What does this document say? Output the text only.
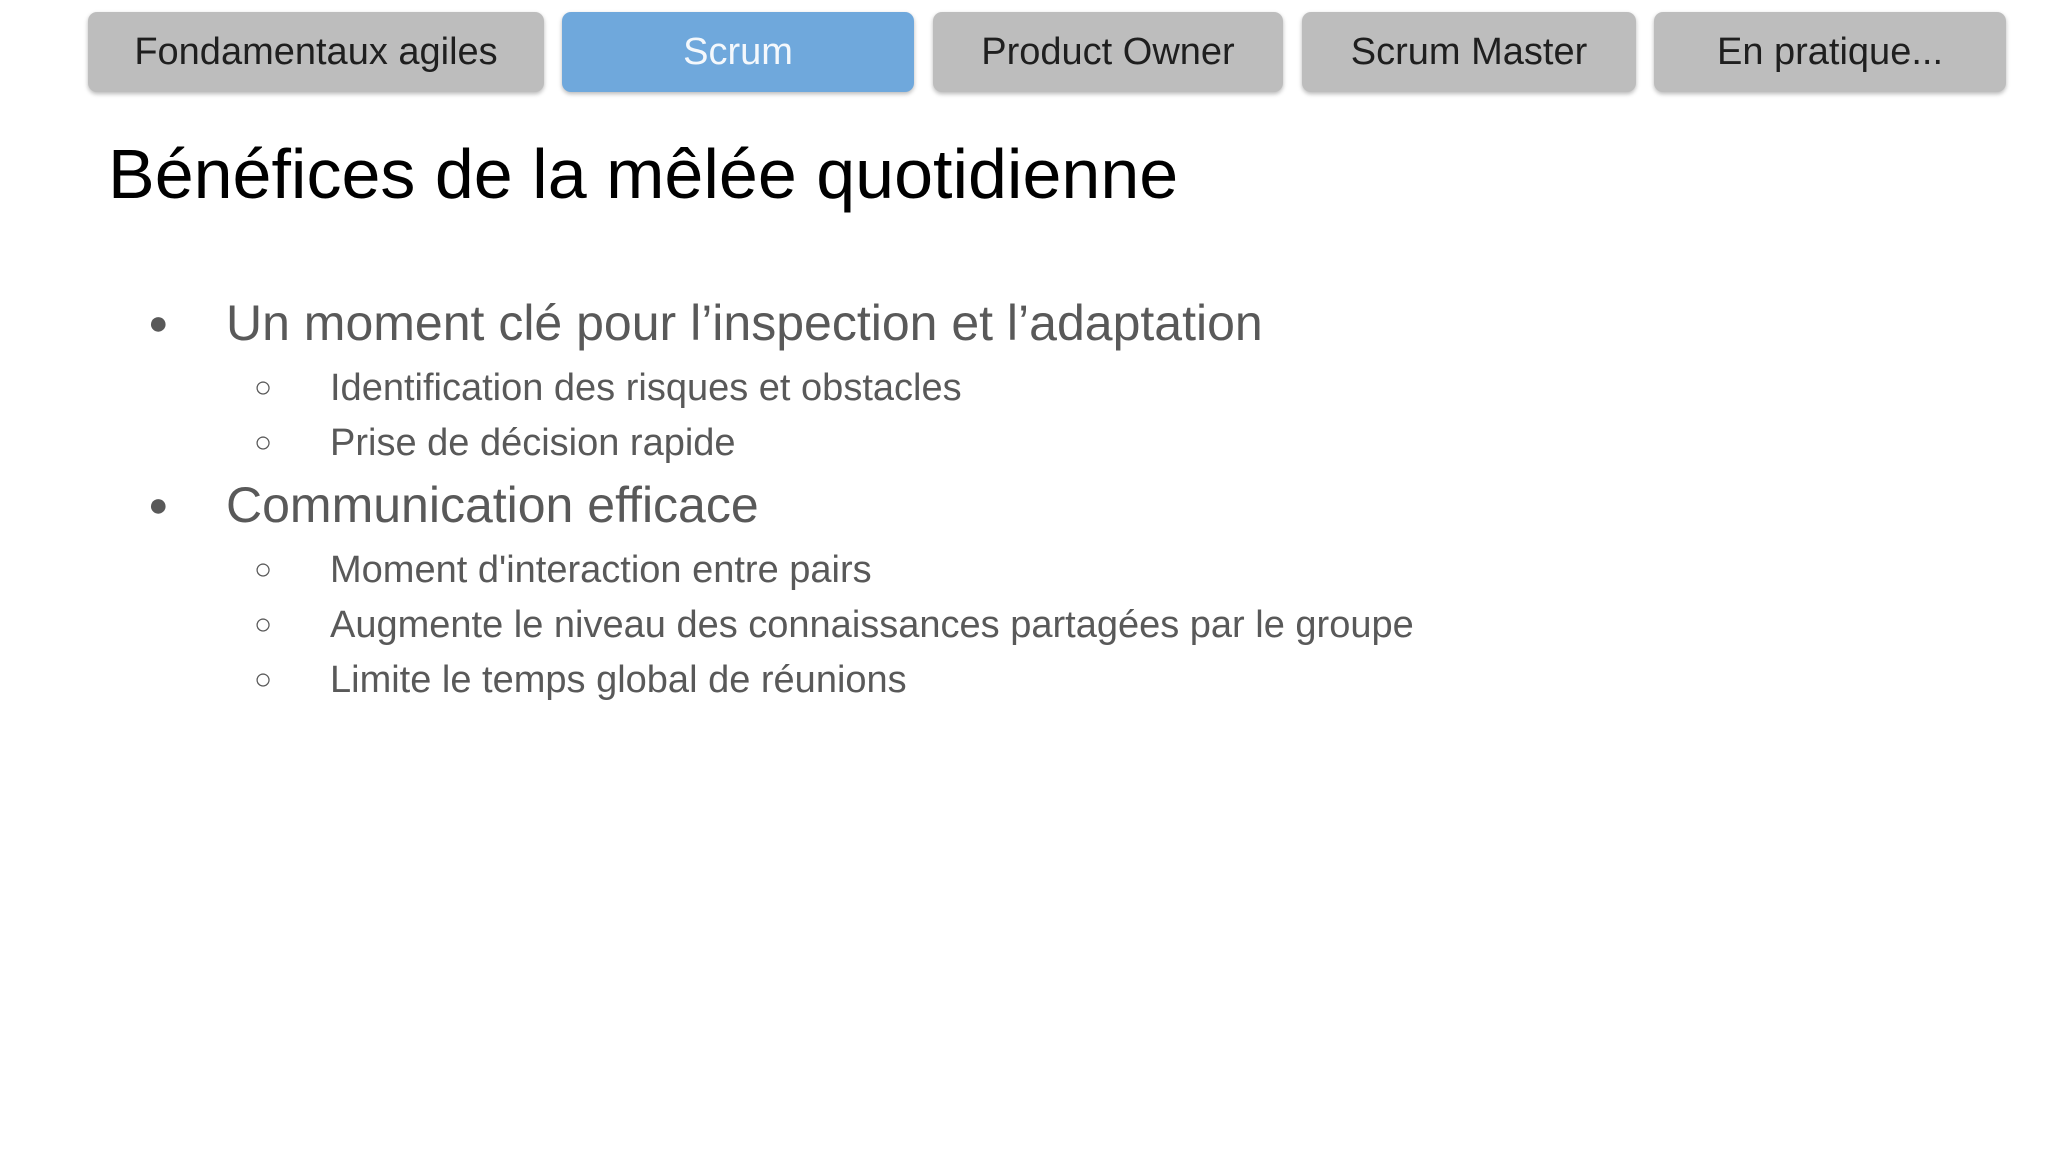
Fondamentaux agiles	Scrum	Product Owner	Scrum Master	En pratique...
Bénéfices de la mêlée quotidienne
● Un moment clé pour l’inspection et l’adaptation
○ Identification des risques et obstacles
○ Prise de décision rapide
● Communication efficace
○ Moment d'interaction entre pairs
○ Augmente le niveau des connaissances partagées par le groupe
○ Limite le temps global de réunions
